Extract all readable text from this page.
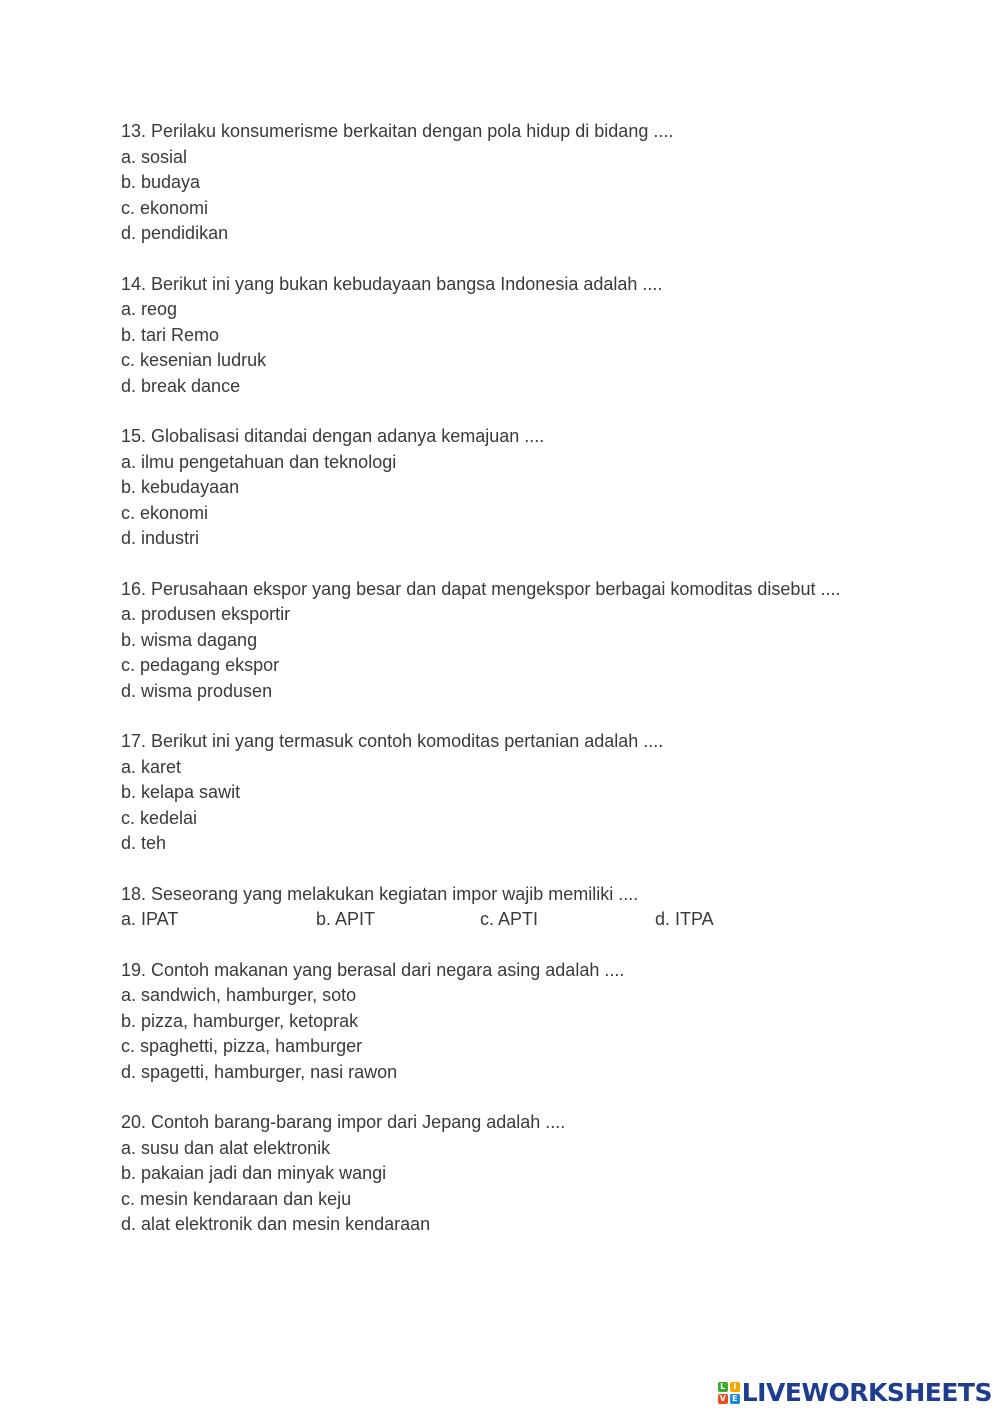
13. Perilaku konsumerisme berkaitan dengan pola hidup di bidang ....
a. sosial
b. budaya
c. ekonomi
d. pendidikan
14. Berikut ini yang bukan kebudayaan bangsa Indonesia adalah ....
a. reog
b. tari Remo
c. kesenian ludruk
d. break dance
15. Globalisasi ditandai dengan adanya kemajuan ....
a. ilmu pengetahuan dan teknologi
b. kebudayaan
c. ekonomi
d. industri
16. Perusahaan ekspor yang besar dan dapat mengekspor berbagai komoditas disebut ....
a. produsen eksportir
b. wisma dagang
c. pedagang ekspor
d. wisma produsen
17. Berikut ini yang termasuk contoh komoditas pertanian adalah ....
a. karet
b. kelapa sawit
c. kedelai
d. teh
18. Seseorang yang melakukan kegiatan impor wajib memiliki ....
a. IPAT	b. APIT	c. APTI	d. ITPA
19. Contoh makanan yang berasal dari negara asing adalah ....
a. sandwich, hamburger, soto
b. pizza, hamburger, ketoprak
c. spaghetti, pizza, hamburger
d. spagetti, hamburger, nasi rawon
20. Contoh barang-barang impor dari Jepang adalah ....
a. susu dan alat elektronik
b. pakaian jadi dan minyak wangi
c. mesin kendaraan dan keju
d. alat elektronik dan mesin kendaraan
L I
V E LIVEWORKSHEETS
